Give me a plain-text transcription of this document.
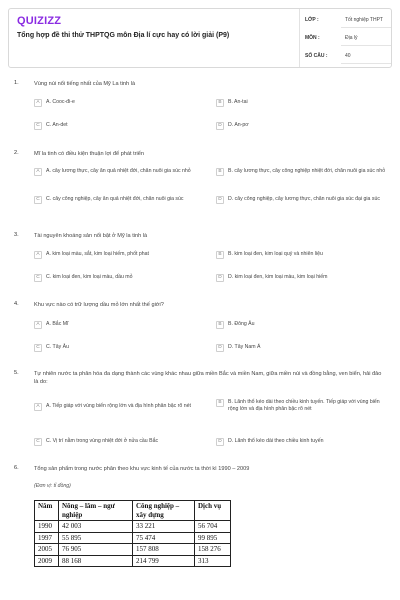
QUIZIZZ
Tổng hợp đề thi thử THPTQG môn Địa lí cực hay có lời giải (P9)
LỚP :	Tốt nghiệp THPT
MÔN :	Địa lý
SỐ CÂU :	40
1.	Vùng núi nổi tiếng nhất của Mỹ La tinh là
A	A. Cooc-đi-e	B	B. An-tai
C	C. An-det	D	D. An-pơ
2.	Mĩ la tinh có điều kiện thuận lợi để phát triển
A	A. cây lương thực, cây ăn quả nhiệt đới, chăn nuôi gia súc nhỏ	B	B. cây lương thực, cây công nghiệp nhiệt đới, chăn nuôi gia súc nhỏ
C	C. cây công nghiệp, cây ăn quả nhiệt đới, chăn nuôi gia súc	D	D. cây công nghiệp, cây lương thực, chăn nuôi gia súc đại gia súc
3.	Tài nguyên khoáng sản nổi bật ở Mỹ la tinh là
A	A. kim loại màu, sắt, kim loại hiếm, phốt phat	B	B. kim loại đen, kim loại quý và nhiên liệu
C	C. kim loại đen, kim loại màu, dầu mỏ	D	D. kim loại đen, kim loại màu, kim loại hiếm
4.	Khu vực nào có trữ lượng dầu mỏ lớn nhất thế giới?
A	A. Bắc Mĩ	B	B. Đông Âu
C	C. Tây Âu	D	D. Tây Nam Á
5.	Tự nhiên nước ta phân hóa đa dạng thành các vùng khác nhau giữa miền Bắc và miền Nam, giữa miền núi và đồng bằng, ven biển, hải đảo là do:
A	A. Tiếp giáp với vùng biển rộng lớn và địa hình phân bậc rõ nét
B	B. Lãnh thổ kéo dài theo chiều kinh tuyến. Tiếp giáp với vùng biển rộng lớn và địa hình phân bậc rõ nét
C	C. Vị trí nằm trong vùng nhiệt đới ở nửa cầu Bắc	D	D. Lãnh thổ kéo dài theo chiều kinh tuyến
6.	Tổng sản phẩm trong nước phân theo khu vực kinh tế của nước ta thời kì 1990 – 2009
(Đơn vị: tỉ đồng)
Năm	Nông – lâm – ngư nghiệp	Công nghiệp – xây dựng	Dịch vụ
1990	42 003	33 221	56 704
1997	55 895	75 474	99 895
2005	76 905	157 808	158 276
2009	88 168	214 799	313
